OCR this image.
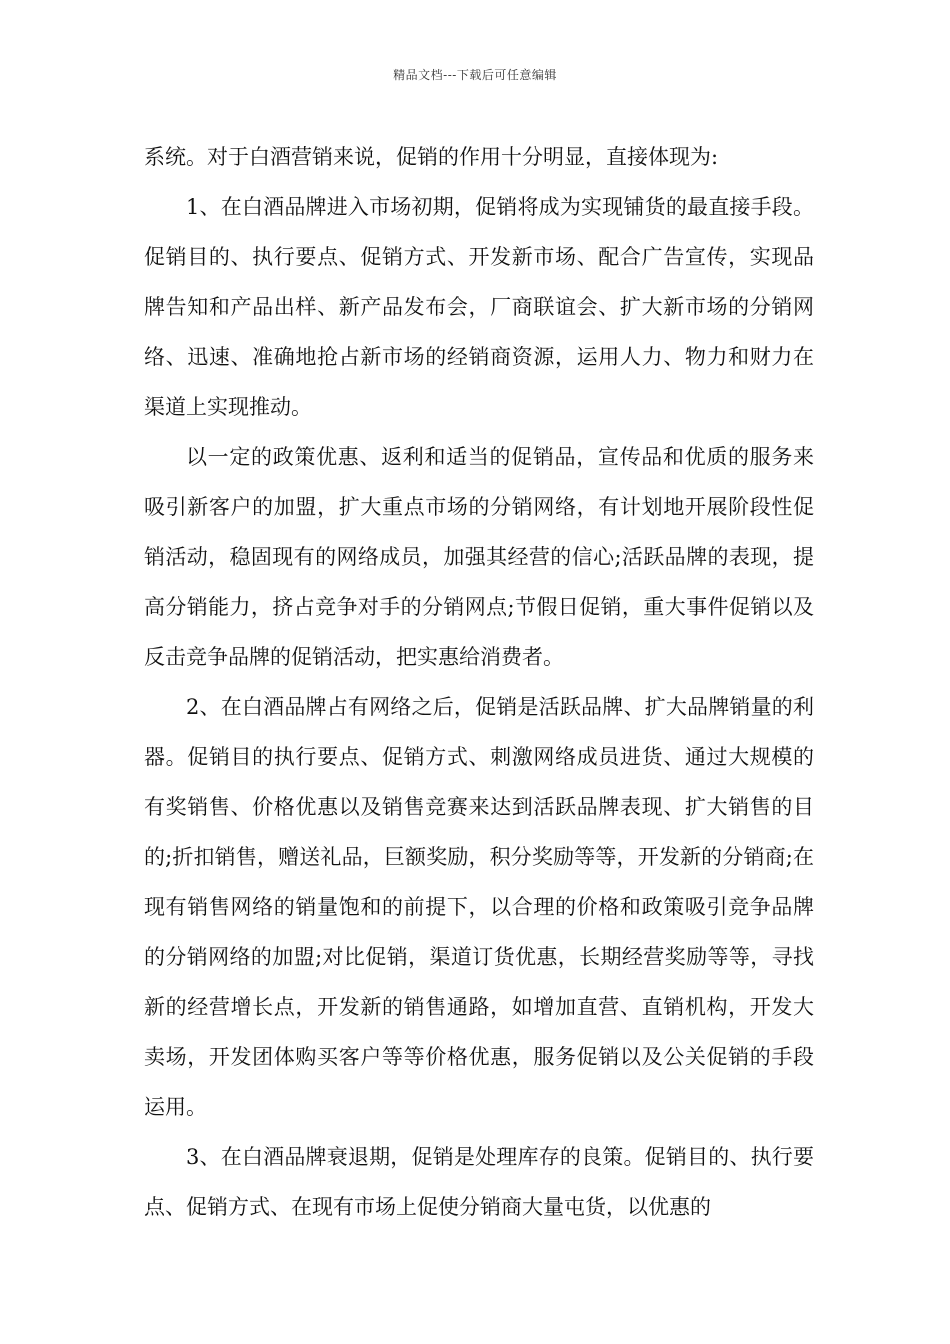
精品文档---下载后可任意编辑

系统。对于白酒营销来说，促销的作用十分明显，直接体现为:

1、在白酒品牌进入市场初期，促销将成为实现铺货的最直接手段。促销目的、执行要点、促销方式、开发新市场、配合广告宣传，实现品牌告知和产品出样、新产品发布会，厂商联谊会、扩大新市场的分销网络、迅速、准确地抢占新市场的经销商资源，运用人力、物力和财力在渠道上实现推动。

以一定的政策优惠、返利和适当的促销品，宣传品和优质的服务来吸引新客户的加盟，扩大重点市场的分销网络，有计划地开展阶段性促销活动，稳固现有的网络成员，加强其经营的信心;活跃品牌的表现，提高分销能力，挤占竞争对手的分销网点;节假日促销，重大事件促销以及反击竞争品牌的促销活动，把实惠给消费者。

2、在白酒品牌占有网络之后，促销是活跃品牌、扩大品牌销量的利器。促销目的执行要点、促销方式、刺激网络成员进货、通过大规模的有奖销售、价格优惠以及销售竞赛来达到活跃品牌表现、扩大销售的目的;折扣销售，赠送礼品，巨额奖励，积分奖励等等，开发新的分销商;在现有销售网络的销量饱和的前提下，以合理的价格和政策吸引竞争品牌的分销网络的加盟;对比促销，渠道订货优惠，长期经营奖励等等，寻找新的经营增长点，开发新的销售通路，如增加直营、直销机构，开发大卖场，开发团体购买客户等等价格优惠，服务促销以及公关促销的手段运用。

3、在白酒品牌衰退期，促销是处理库存的良策。促销目的、执行要点、促销方式、在现有市场上促使分销商大量屯货，以优惠的
